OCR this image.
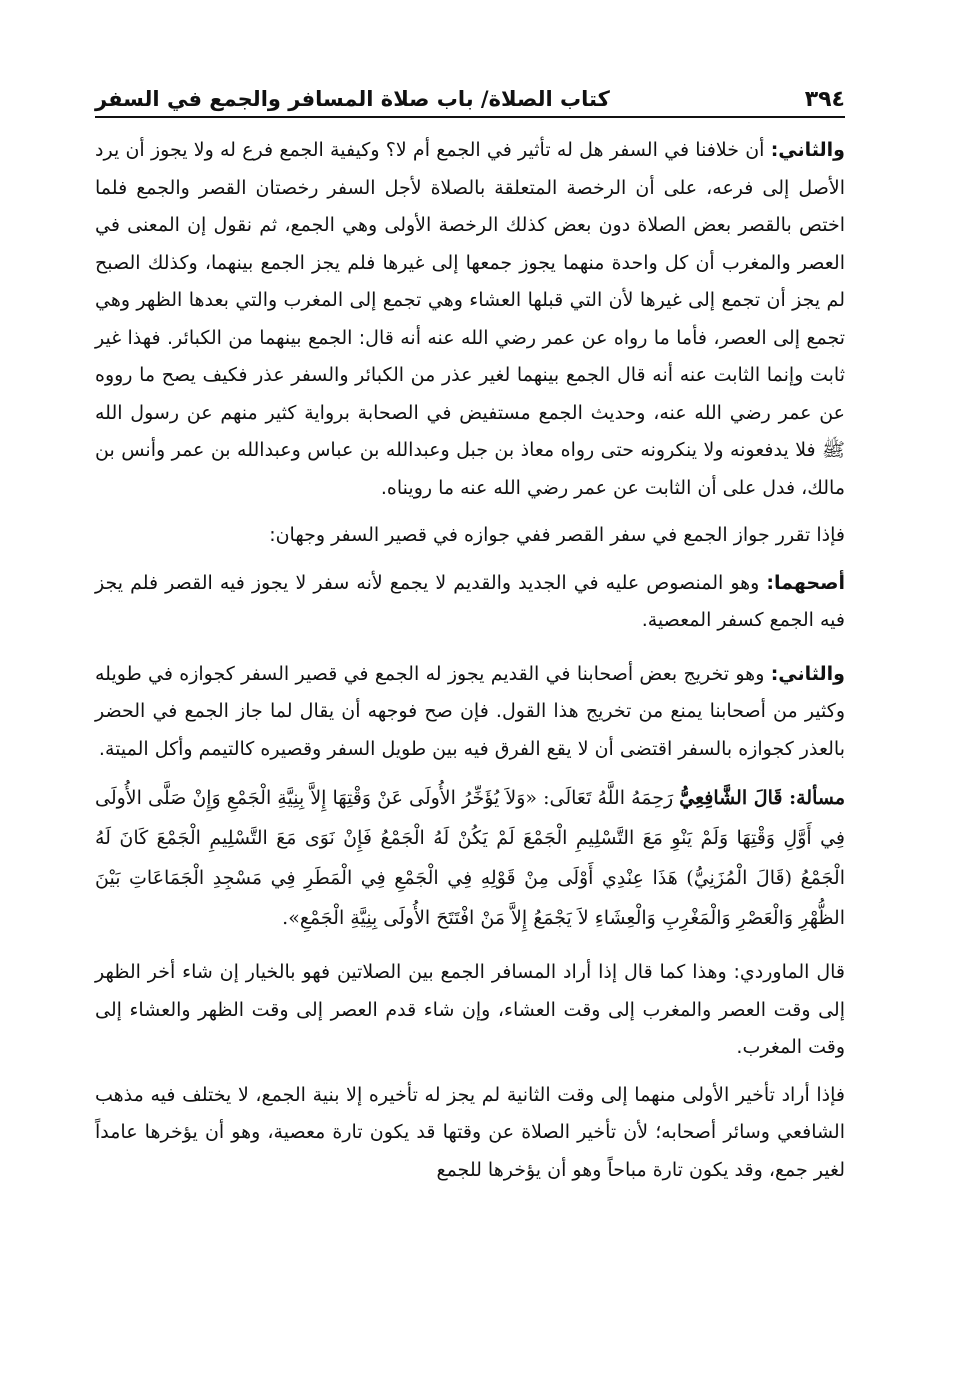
٣٩٤
كتاب الصلاة/ باب صلاة المسافر والجمع في السفر

والثاني: أن خلافنا في السفر هل له تأثير في الجمع أم لا؟ وكيفية الجمع فرع له ولا يجوز أن يرد الأصل إلى فرعه، على أن الرخصة المتعلقة بالصلاة لأجل السفر رخصتان القصر والجمع فلما اختص بالقصر بعض الصلاة دون بعض كذلك الرخصة الأولى وهي الجمع، ثم نقول إن المعنى في العصر والمغرب أن كل واحدة منهما يجوز جمعها إلى غيرها فلم يجز الجمع بينهما، وكذلك الصبح لم يجز أن تجمع إلى غيرها لأن التي قبلها العشاء وهي تجمع إلى المغرب والتي بعدها الظهر وهي تجمع إلى العصر، فأما ما رواه عن عمر رضي الله عنه أنه قال: الجمع بينهما من الكبائر. فهذا غير ثابت وإنما الثابت عنه أنه قال الجمع بينهما لغير عذر من الكبائر والسفر عذر فكيف يصح ما رووه عن عمر رضي الله عنه، وحديث الجمع مستفيض في الصحابة برواية كثير منهم عن رسول الله ﷺ فلا يدفعونه ولا ينكرونه حتى رواه معاذ بن جبل وعبدالله بن عباس وعبدالله بن عمر وأنس بن مالك، فدل على أن الثابت عن عمر رضي الله عنه ما رويناه.

فإذا تقرر جواز الجمع في سفر القصر ففي جوازه في قصير السفر وجهان:

أصحهما: وهو المنصوص عليه في الجديد والقديم لا يجمع لأنه سفر لا يجوز فيه القصر فلم يجز فيه الجمع كسفر المعصية.

والثاني: وهو تخريج بعض أصحابنا في القديم يجوز له الجمع في قصير السفر كجوازه في طويله وكثير من أصحابنا يمنع من تخريج هذا القول. فإن صح فوجهه أن يقال لما جاز الجمع في الحضر بالعذر كجوازه بالسفر اقتضى أن لا يقع الفرق فيه بين طويل السفر وقصيره كالتيمم وأكل الميتة.

مسألة: قَالَ الشَّافِعِيُّ رَحِمَهُ اللَّهُ تَعَالَى: «وَلاَ يُؤَخِّرُ الأُولَى عَنْ وَقْتِهَا إِلاَّ بِنِيَّةِ الْجَمْعِ وَإِنْ صَلَّى الأُولَى فِي أَوَّلِ وَقْتِهَا وَلَمْ يَنْوِ مَعَ التَّسْلِيمِ الْجَمْعَ لَمْ يَكُنْ لَهُ الْجَمْعُ فَإِنْ نَوَى مَعَ التَّسْلِيمِ الْجَمْعَ كَانَ لَهُ الْجَمْعُ (قَالَ الْمُزَنِيُّ) هَذَا عِنْدِي أَوْلَى مِنْ قَوْلِهِ فِي الْجَمْعِ فِي الْمَطَرِ فِي مَسْجِدِ الْجَمَاعَاتِ بَيْنَ الظُّهْرِ وَالْعَصْرِ وَالْمَغْرِبِ وَالْعِشَاءِ لاَ يَجْمَعُ إِلاَّ مَنْ افْتَتَحَ الأُولَى بِنِيَّةِ الْجَمْعِ».

قال الماوردي: وهذا كما قال إذا أراد المسافر الجمع بين الصلاتين فهو بالخيار إن شاء أخر الظهر إلى وقت العصر والمغرب إلى وقت العشاء، وإن شاء قدم العصر إلى وقت الظهر والعشاء إلى وقت المغرب.

فإذا أراد تأخير الأولى منهما إلى وقت الثانية لم يجز له تأخيره إلا بنية الجمع، لا يختلف فيه مذهب الشافعي وسائر أصحابه؛ لأن تأخير الصلاة عن وقتها قد يكون تارة معصية، وهو أن يؤخرها عامداً لغير جمع، وقد يكون تارة مباحاً وهو أن يؤخرها للجمع
